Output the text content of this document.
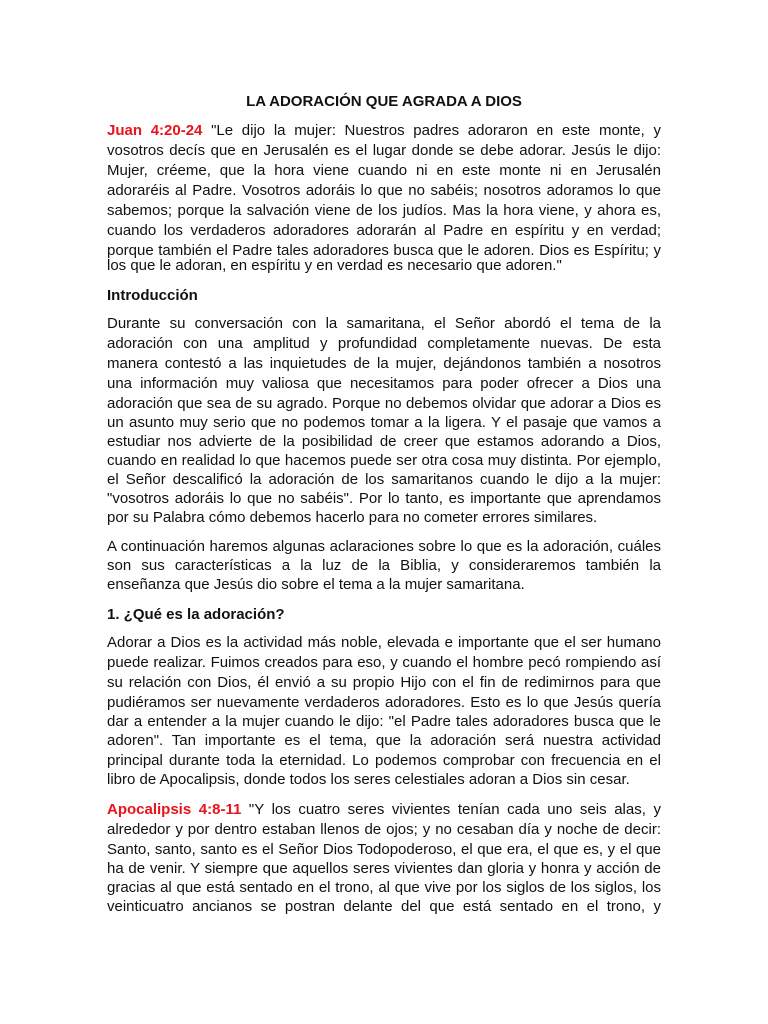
LA ADORACIÓN QUE AGRADA A DIOS
Juan 4:20-24 "Le dijo la mujer: Nuestros padres adoraron en este monte, y
vosotros decís que en Jerusalén es el lugar donde se debe adorar. Jesús le dijo:
Mujer, créeme, que la hora viene cuando ni en este monte ni en Jerusalén
adoraréis al Padre. Vosotros adoráis lo que no sabéis; nosotros adoramos lo que
sabemos; porque la salvación viene de los judíos. Mas la hora viene, y ahora es,
cuando los verdaderos adoradores adorarán al Padre en espíritu y en verdad;
porque también el Padre tales adoradores busca que le adoren. Dios es Espíritu; y
los que le adoran, en espíritu y en verdad es necesario que adoren."
Introducción
Durante su conversación con la samaritana, el Señor abordó el tema de la
adoración con una amplitud y profundidad completamente nuevas. De esta
manera contestó a las inquietudes de la mujer, dejándonos también a nosotros
una información muy valiosa que necesitamos para poder ofrecer a Dios una
adoración que sea de su agrado. Porque no debemos olvidar que adorar a Dios es
un asunto muy serio que no podemos tomar a la ligera. Y el pasaje que vamos a
estudiar nos advierte de la posibilidad de creer que estamos adorando a Dios,
cuando en realidad lo que hacemos puede ser otra cosa muy distinta. Por ejemplo,
el Señor descalificó la adoración de los samaritanos cuando le dijo a la mujer:
"vosotros adoráis lo que no sabéis". Por lo tanto, es importante que aprendamos
por su Palabra cómo debemos hacerlo para no cometer errores similares.
A continuación haremos algunas aclaraciones sobre lo que es la adoración, cuáles
son sus características a la luz de la Biblia, y consideraremos también la
enseñanza que Jesús dio sobre el tema a la mujer samaritana.
1. ¿Qué es la adoración?
Adorar a Dios es la actividad más noble, elevada e importante que el ser humano
puede realizar. Fuimos creados para eso, y cuando el hombre pecó rompiendo así
su relación con Dios, él envió a su propio Hijo con el fin de redimirnos para que
pudiéramos ser nuevamente verdaderos adoradores. Esto es lo que Jesús quería
dar a entender a la mujer cuando le dijo: "el Padre tales adoradores busca que le
adoren". Tan importante es el tema, que la adoración será nuestra actividad
principal durante toda la eternidad. Lo podemos comprobar con frecuencia en el
libro de Apocalipsis, donde todos los seres celestiales adoran a Dios sin cesar.
Apocalipsis 4:8-11 "Y los cuatro seres vivientes tenían cada uno seis alas, y
alrededor y por dentro estaban llenos de ojos; y no cesaban día y noche de decir:
Santo, santo, santo es el Señor Dios Todopoderoso, el que era, el que es, y el que
ha de venir. Y siempre que aquellos seres vivientes dan gloria y honra y acción de
gracias al que está sentado en el trono, al que vive por los siglos de los siglos, los
veinticuatro ancianos se postran delante del que está sentado en el trono, y
